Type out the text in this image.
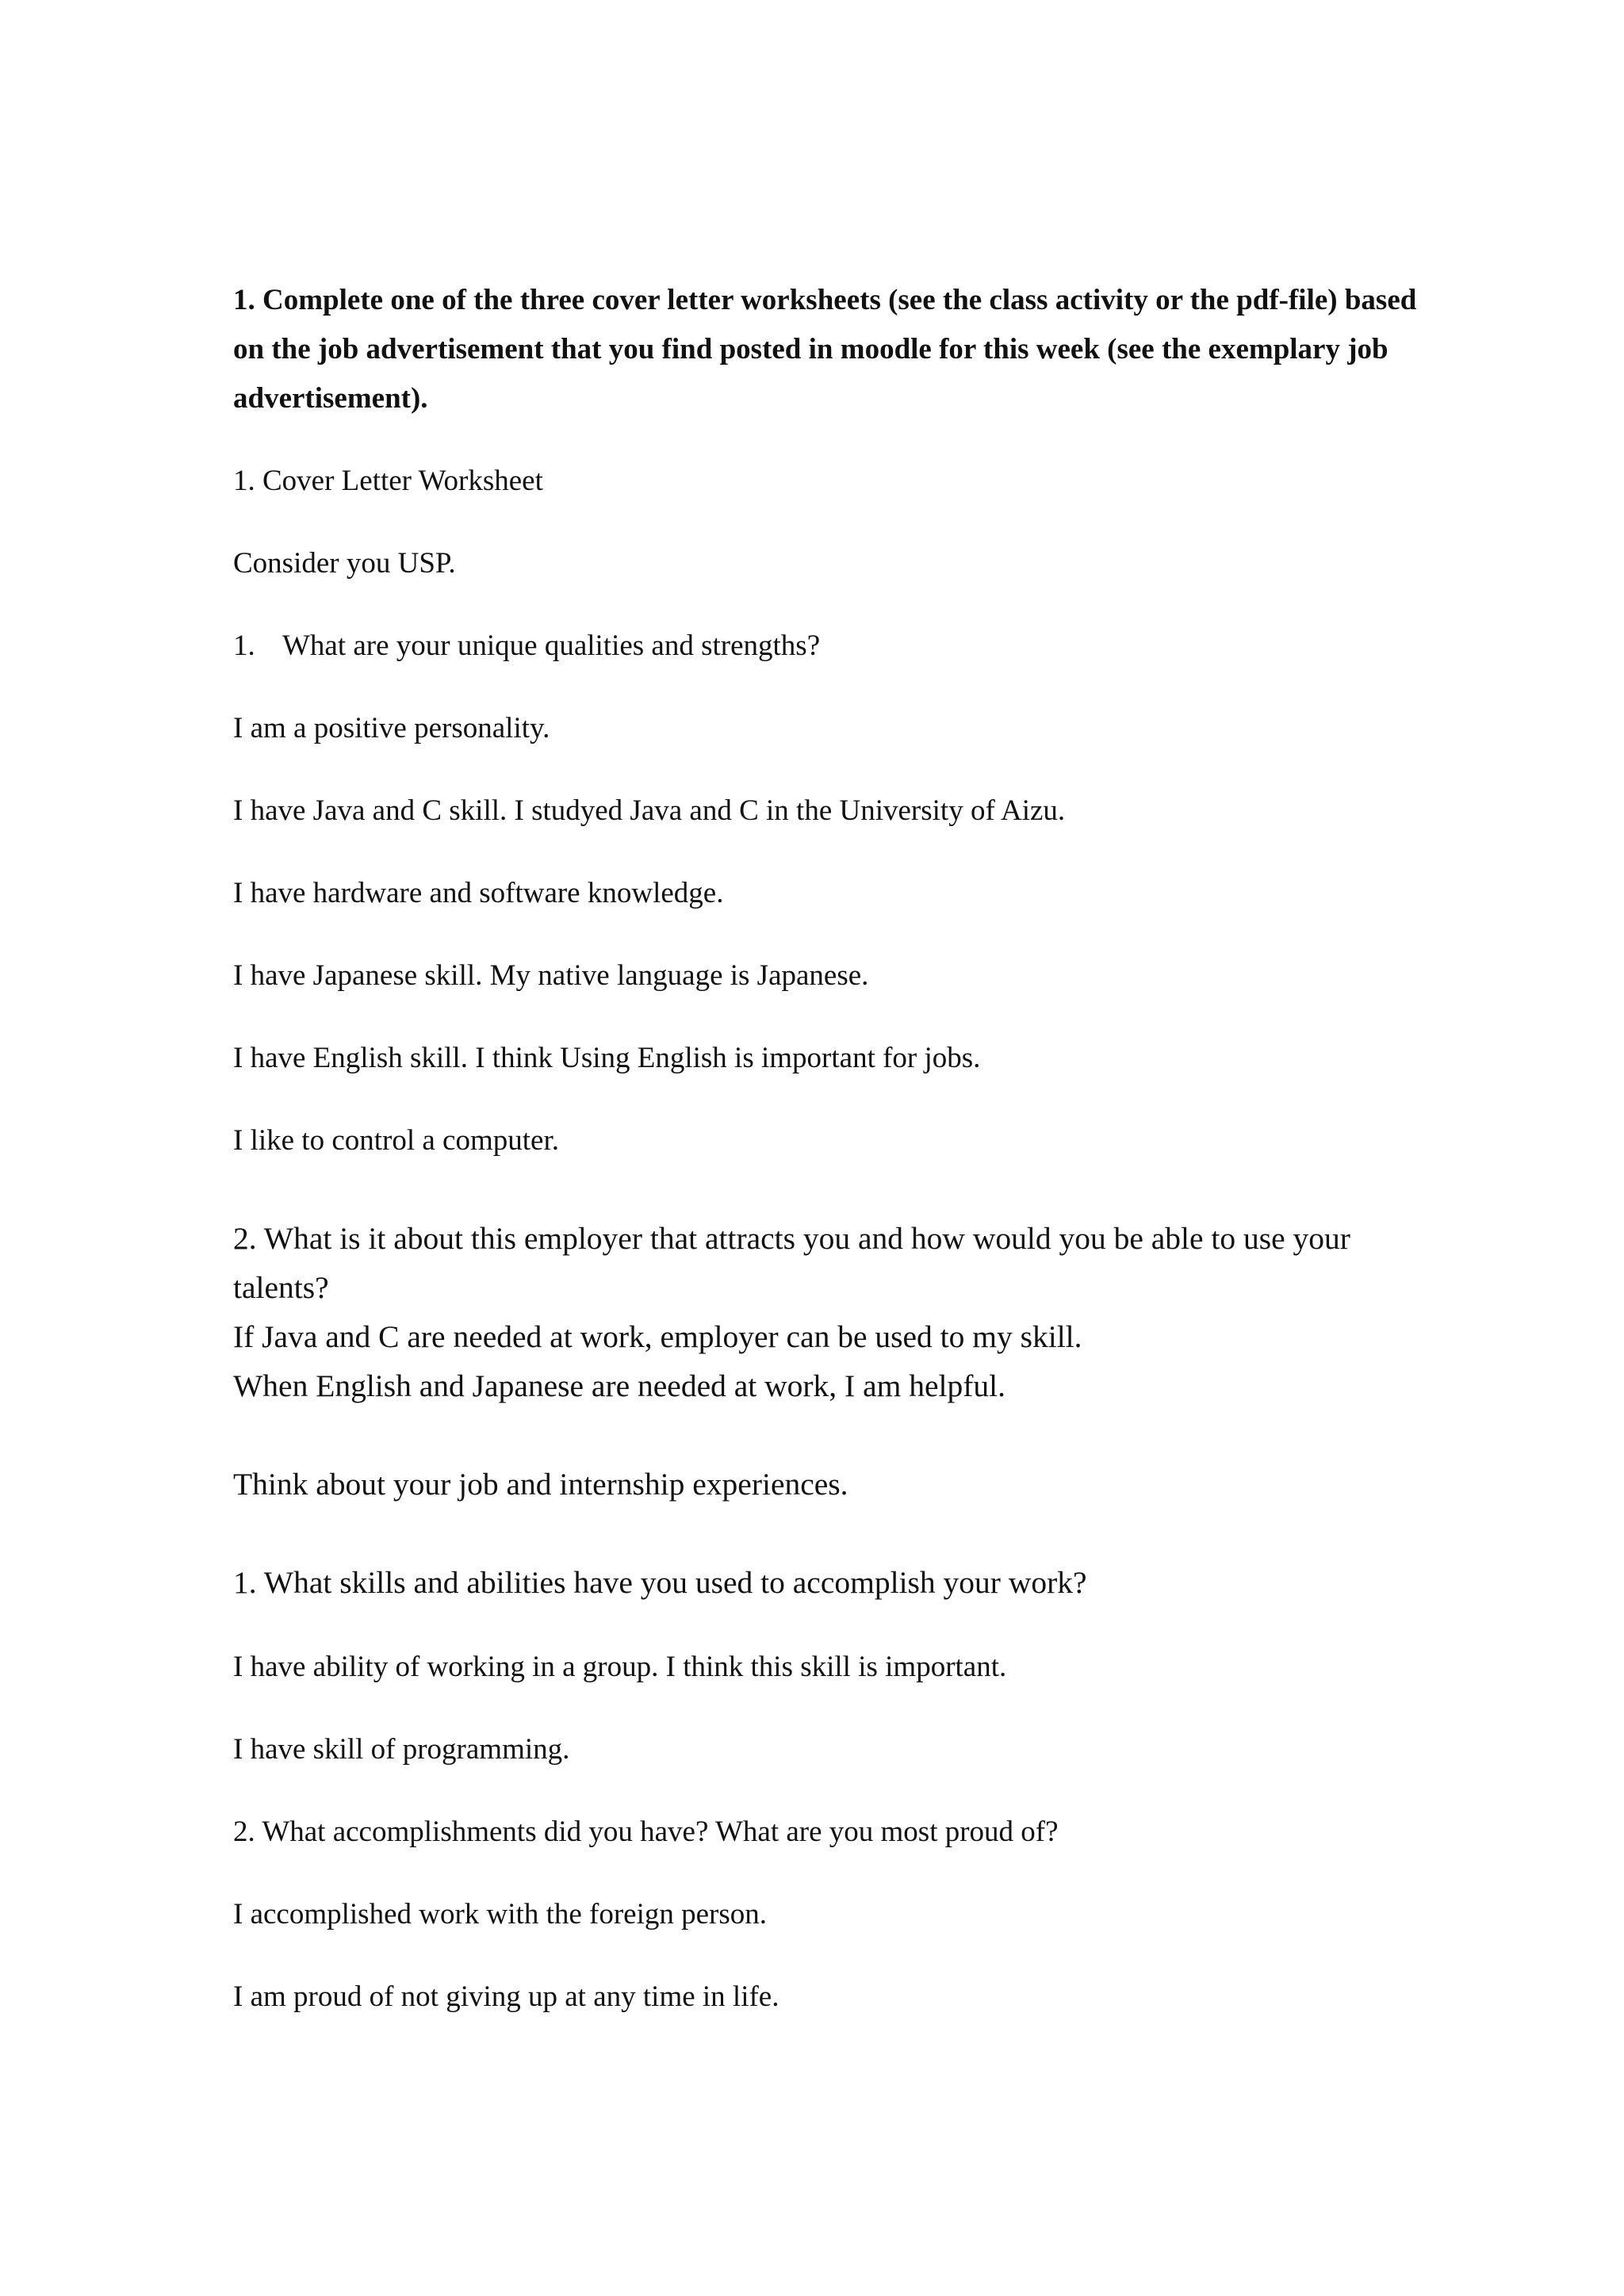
1. Complete one of the three cover letter worksheets (see the class activity or the pdf-file) based

on the job advertisement that you find posted in moodle for this week (see the exemplary job

advertisement).

1. Cover Letter Worksheet

Consider you USP.

1. What are your unique qualities and strengths?

I am a positive personality.

I have Java and C skill. I studyed Java and C in the University of Aizu.

I have hardware and software knowledge.

I have Japanese skill. My native language is Japanese.

I have English skill. I think Using English is important for jobs.

I like to control a computer.

2. What is it about this employer that attracts you and how would you be able to use your

talents?

If Java and C are needed at work, employer can be used to my skill.

When English and Japanese are needed at work, I am helpful.

Think about your job and internship experiences.

1. What skills and abilities have you used to accomplish your work?

I have ability of working in a group. I think this skill is important.

I have skill of programming.

2. What accomplishments did you have? What are you most proud of?

I accomplished work with the foreign person.

I am proud of not giving up at any time in life.
